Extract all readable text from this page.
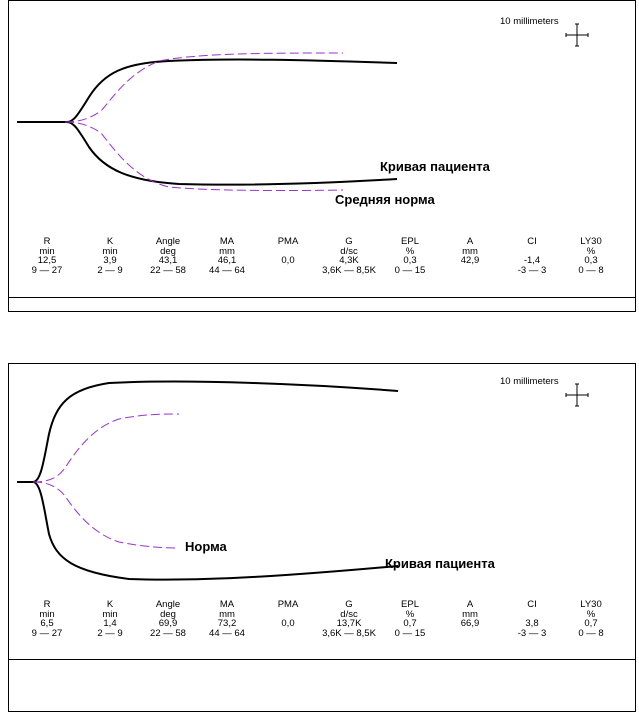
10 millimeters
Кривая пациента
Средняя норма
R
min
12,5
9 — 27
K
min
3,9
2 — 9
Angle
deg
43,1
22 — 58
MA
mm
46,1
44 — 64
PMA
0,0
G
d/sc
4,3K
3,6K — 8,5K
EPL
%
0,3
0 — 15
A
mm
42,9
CI
-1,4
-3 — 3
LY30
%
0,3
0 — 8
10 millimeters
Норма
Кривая пациента
R
min
6,5
9 — 27
K
min
1,4
2 — 9
Angle
deg
69,9
22 — 58
MA
mm
73,2
44 — 64
PMA
0,0
G
d/sc
13,7K
3,6K — 8,5K
EPL
%
0,7
0 — 15
A
mm
66,9
CI
3,8
-3 — 3
LY30
%
0,7
0 — 8
